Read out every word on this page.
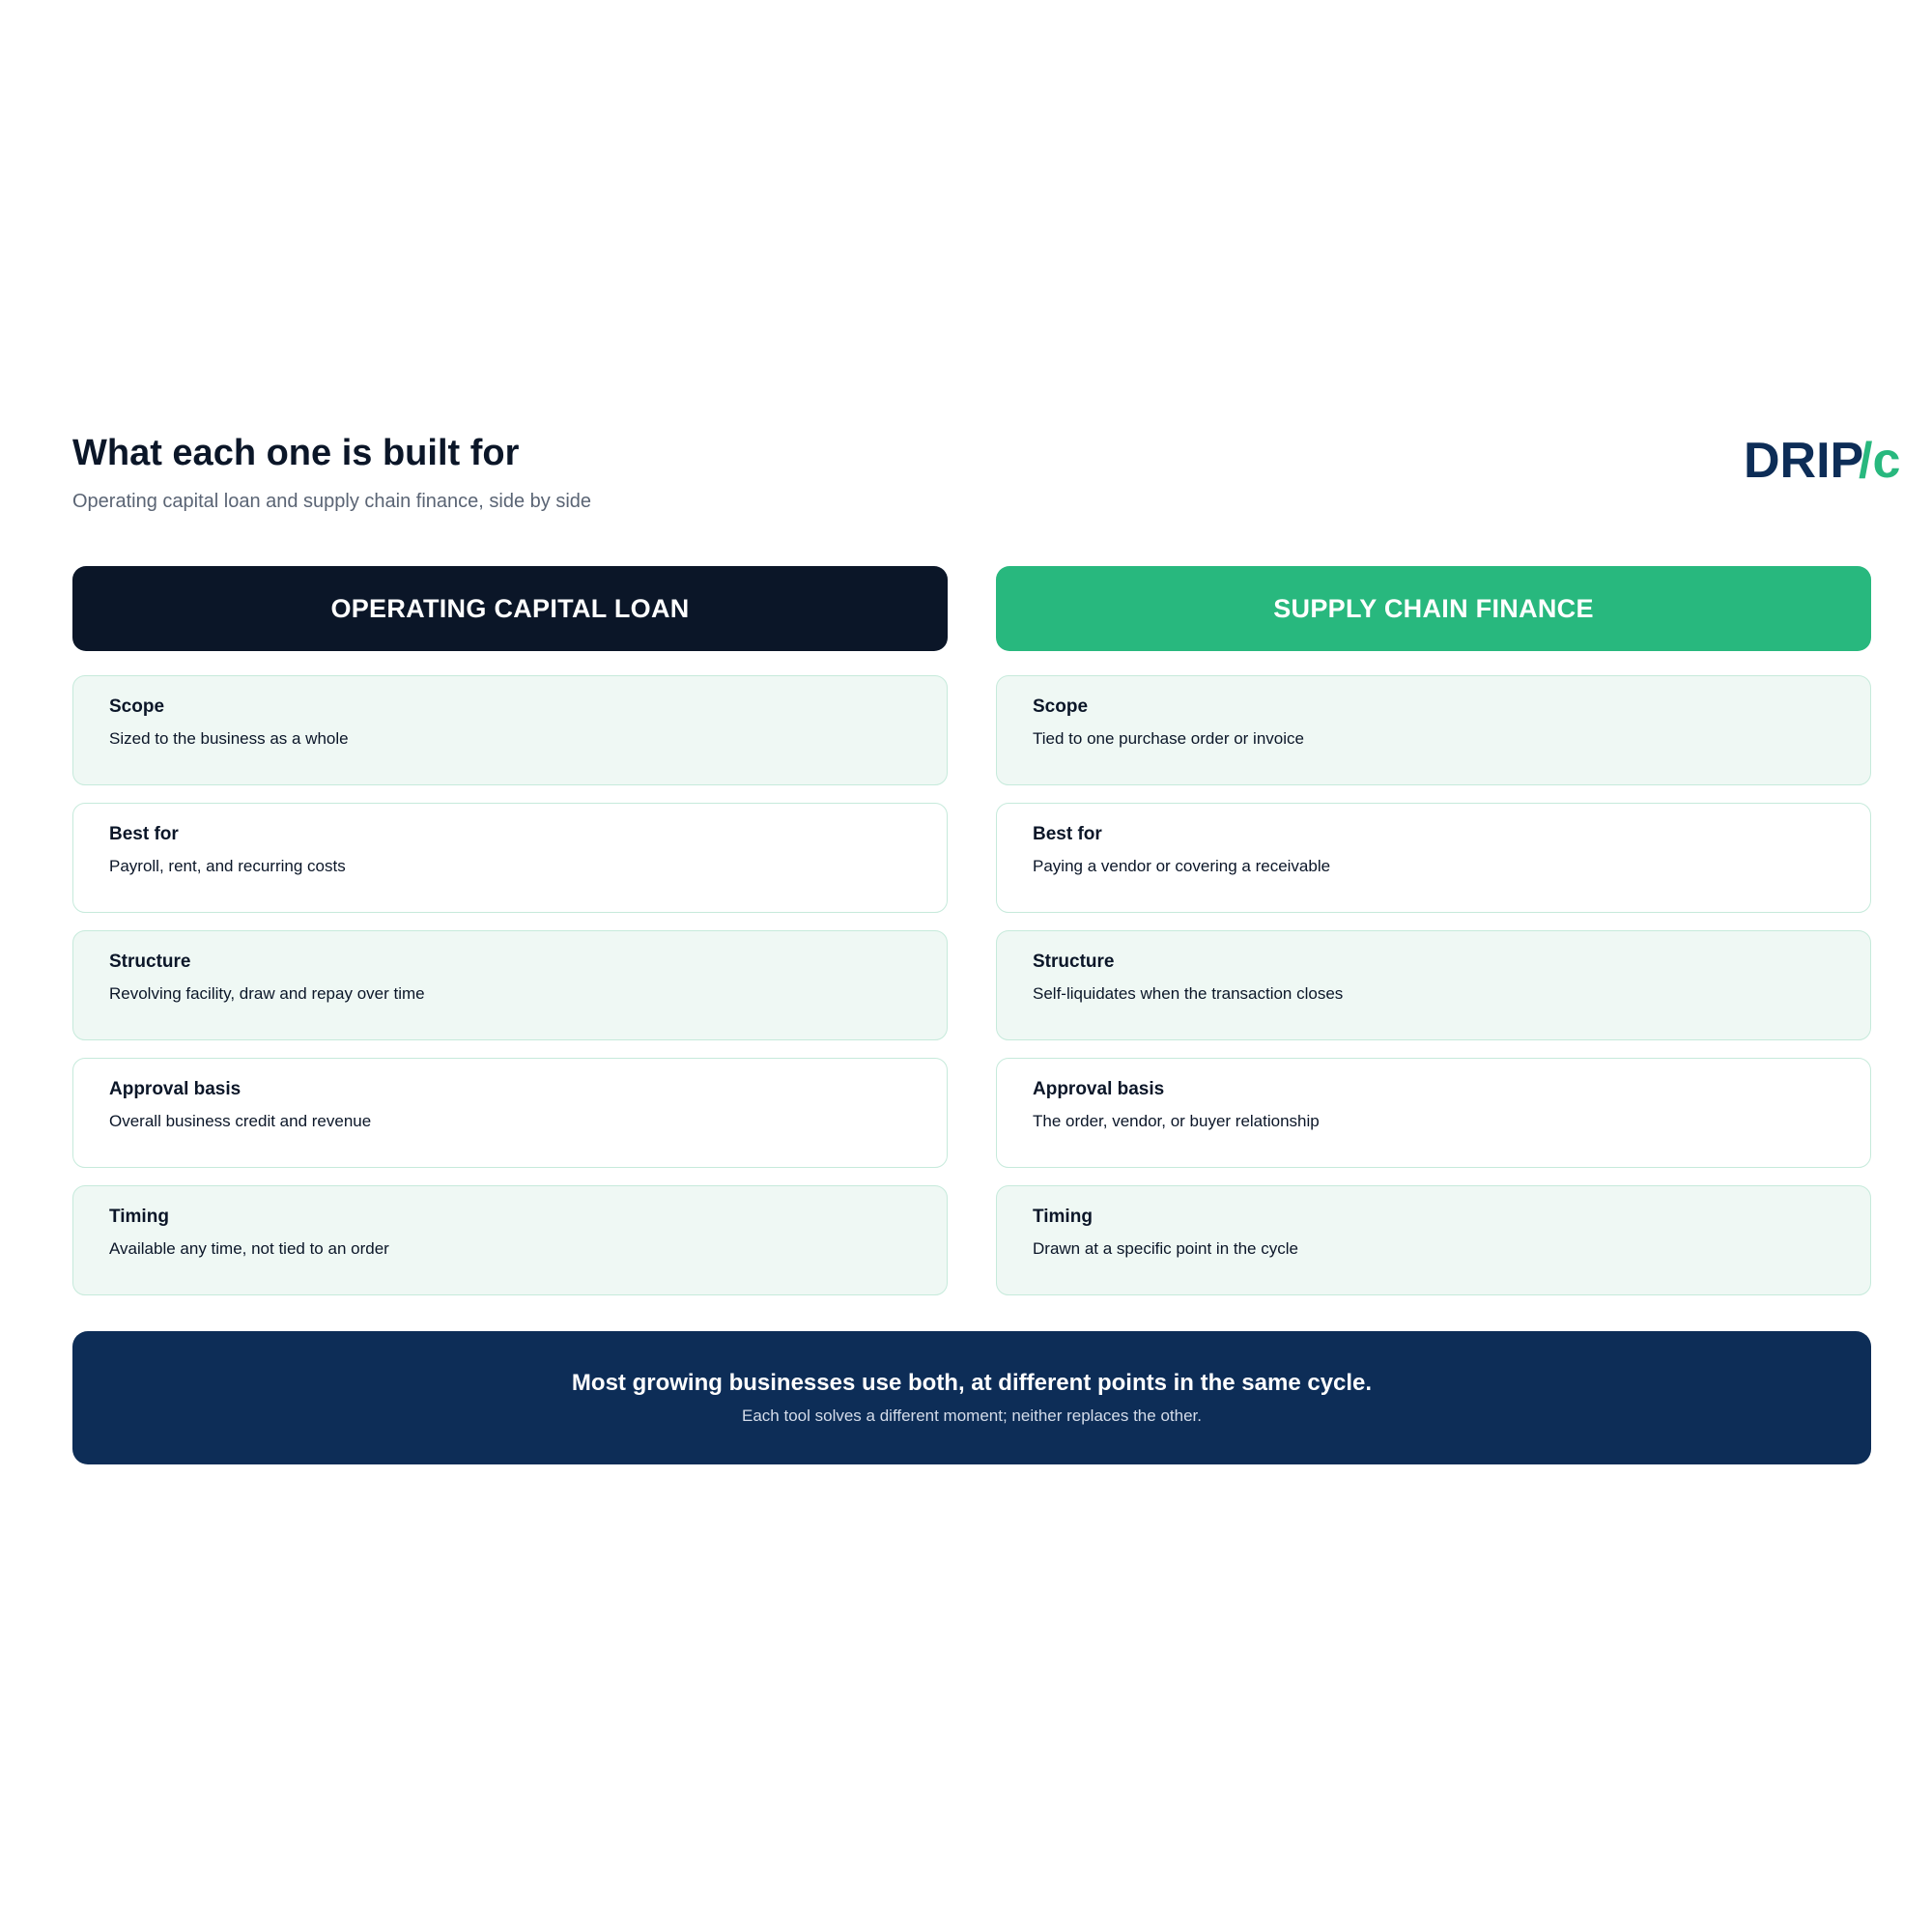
What each one is built for
Operating capital loan and supply chain finance, side by side
DRIP
/c
OPERATING CAPITAL LOAN
Scope
Sized to the business as a whole
Best for
Payroll, rent, and recurring costs
Structure
Revolving facility, draw and repay over time
Approval basis
Overall business credit and revenue
Timing
Available any time, not tied to an order
SUPPLY CHAIN FINANCE
Scope
Tied to one purchase order or invoice
Best for
Paying a vendor or covering a receivable
Structure
Self-liquidates when the transaction closes
Approval basis
The order, vendor, or buyer relationship
Timing
Drawn at a specific point in the cycle
Most growing businesses use both, at different points in the same cycle.
Each tool solves a different moment; neither replaces the other.
